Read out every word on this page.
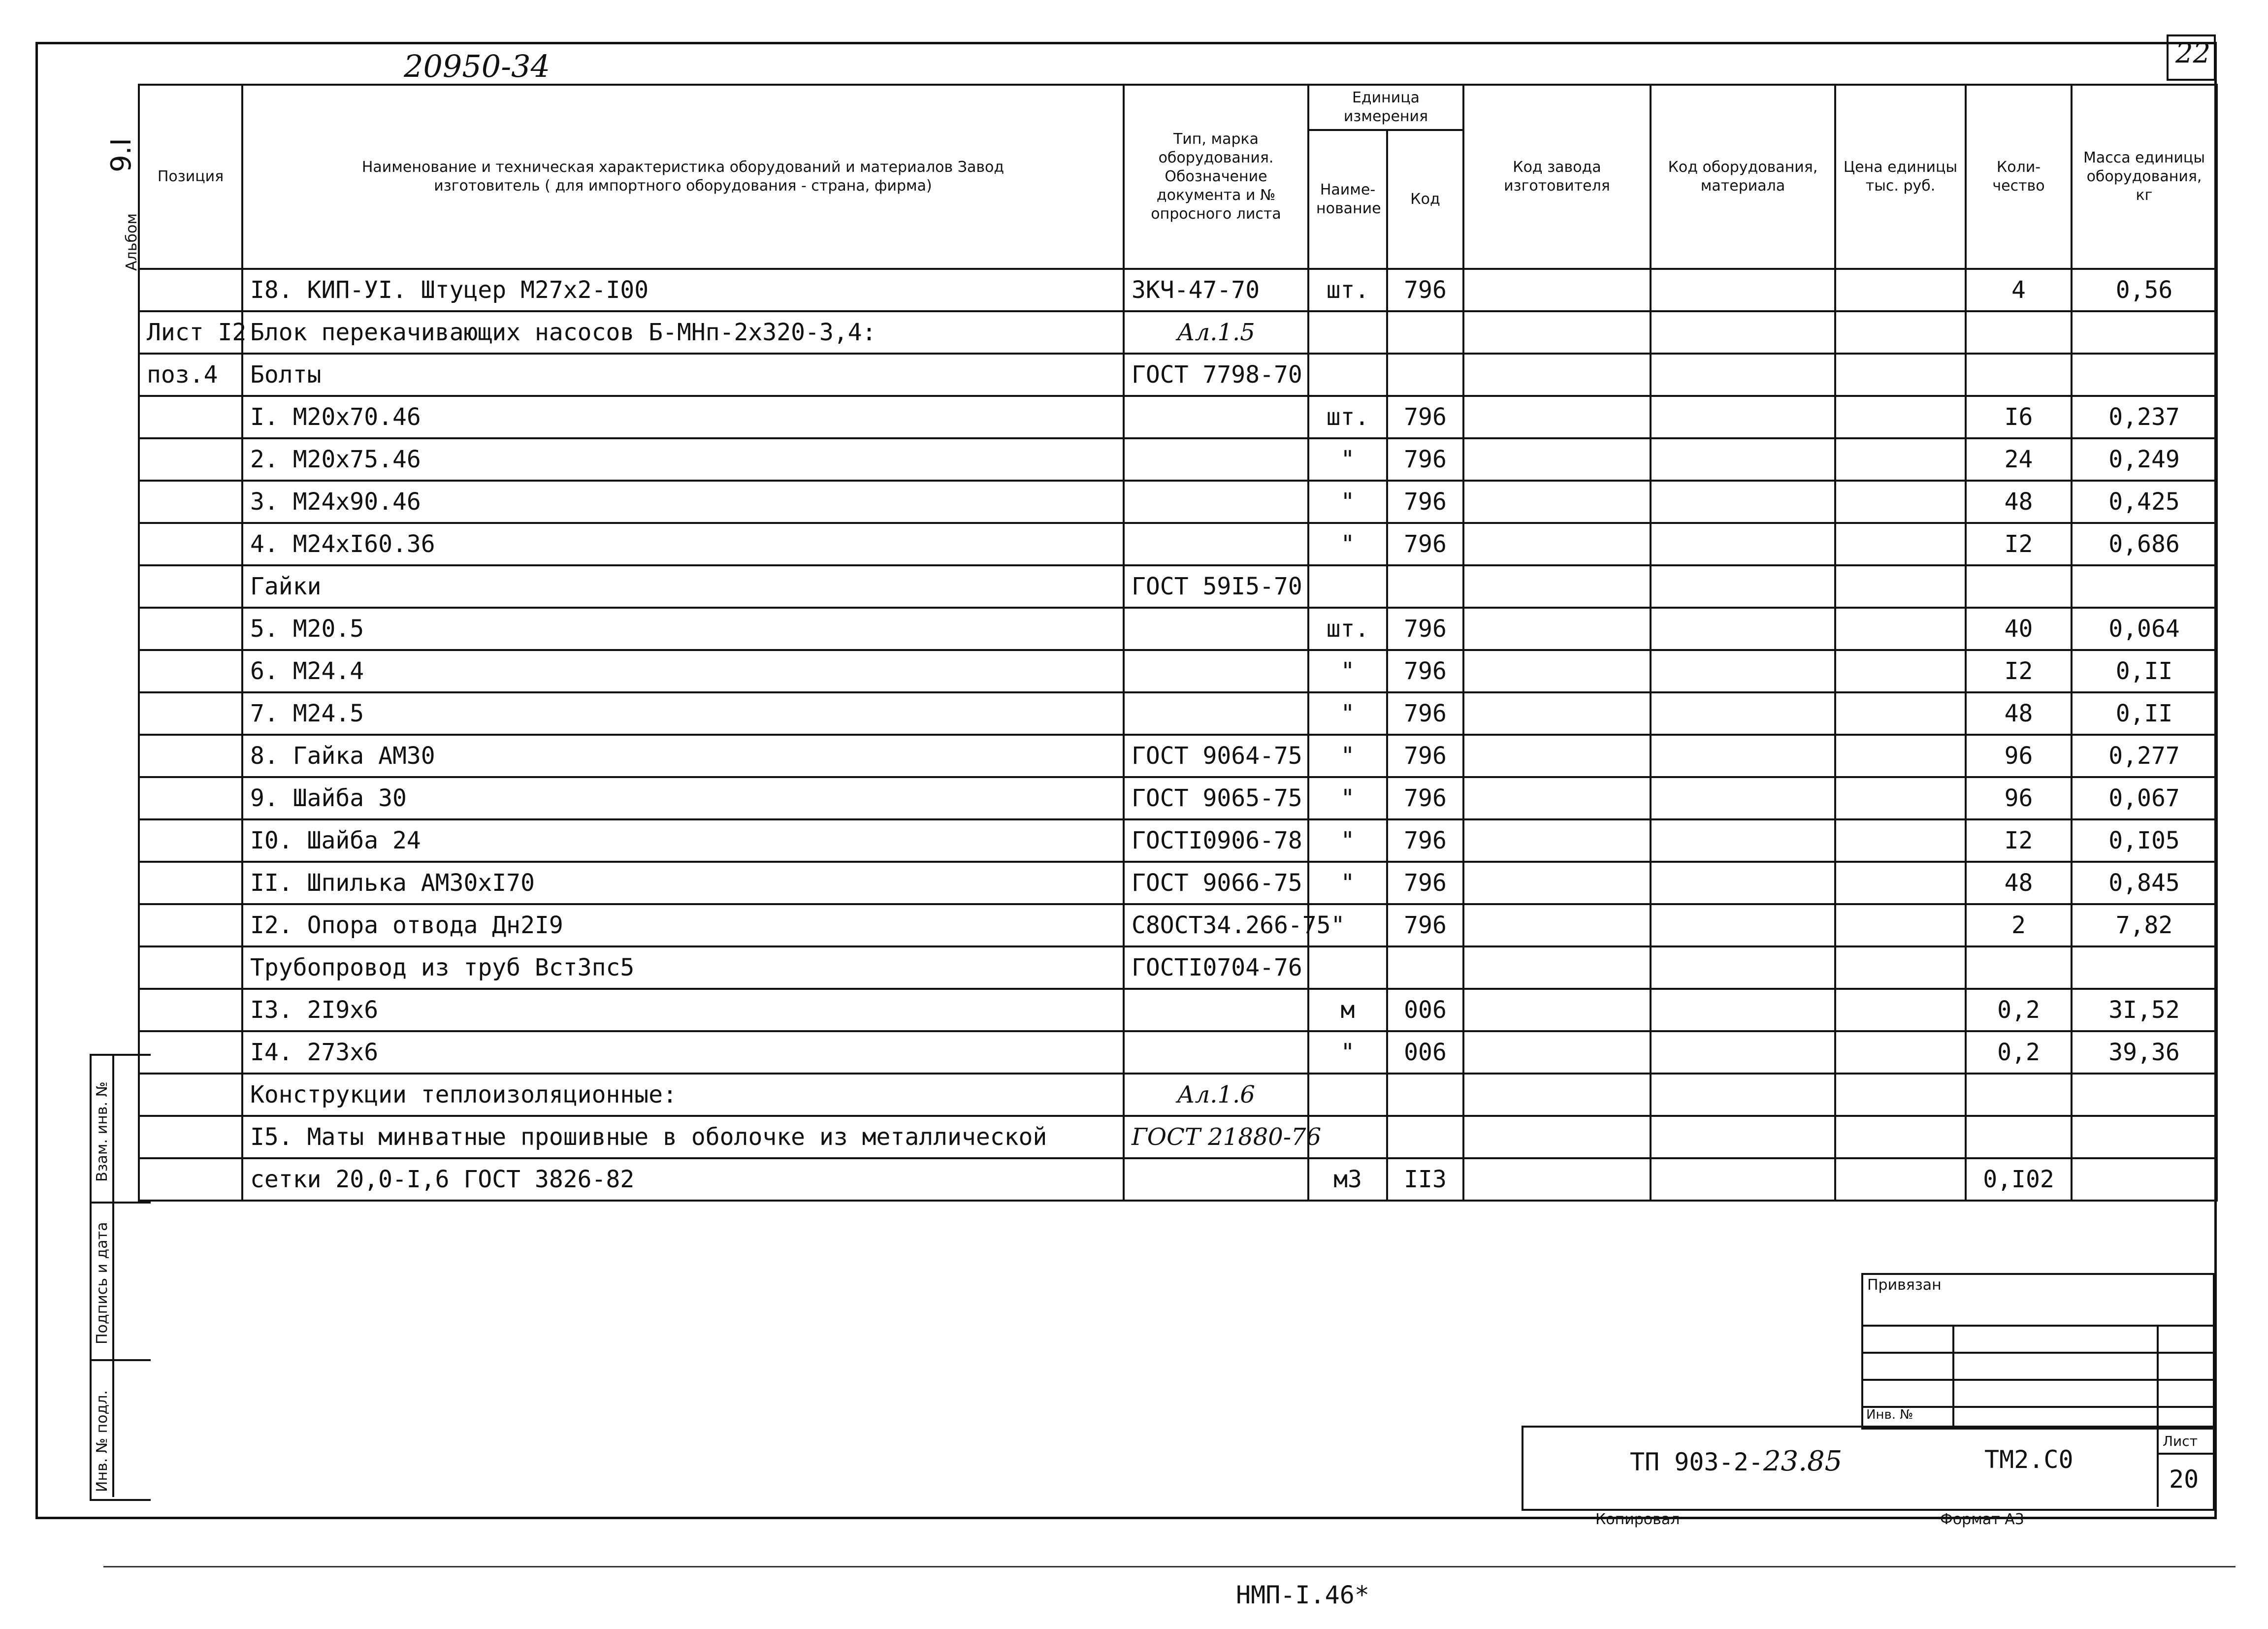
20950-34	22
Альбом
9.I
Позиция	Наименование и техническая характеристика оборудований и материалов Завод изготовитель ( для импортного оборудования - страна, фирма)	Тип, марка оборудования. Обозначение документа и № опросного листа	Единица измерения		Код завода изготовителя	Код оборудования, материала	Цена единицы тыс. руб.	Коли-чество	Масса единицы оборудования, кг
			Наиме-нование	Код					
	I8. КИП-УI. Штуцер М27х2-I00	ЗКЧ-47-70	шт.	796				4	0,56
Лист I2	Блок перекачивающих насосов Б-МНп-2х320-3,4:	Ал.1.5							
поз.4	Болты	ГОСТ 7798-70							
	I. М20х70.46		шт.	796				I6	0,237
	2. М20х75.46		"	796				24	0,249
	3. М24х90.46		"	796				48	0,425
	4. М24хI60.36		"	796				I2	0,686
	Гайки	ГОСТ 59I5-70							
	5. М20.5		шт.	796				40	0,064
	6. М24.4		"	796				I2	0,II
	7. М24.5		"	796				48	0,II
	8. Гайка АМ30	ГОСТ 9064-75	"	796				96	0,277
	9. Шайба 30	ГОСТ 9065-75	"	796				96	0,067
	I0. Шайба 24	ГОСТI0906-78	"	796				I2	0,I05
	II. Шпилька АМ30хI70	ГОСТ 9066-75	"	796				48	0,845
	I2. Опора отвода Дн2I9	С8ОСТ34.266-75"		796				2	7,82
	Трубопровод из труб ВстЗпс5	ГОСТI0704-76							
	I3. 2I9х6		м	006				0,2	3I,52
	I4. 273х6		"	006				0,2	39,36
	Конструкции теплоизоляционные:	Ал.1.6							
	I5. Маты минватные прошивные в оболочке из металлической	ГОСТ 21880-76							
	сетки 20,0-I,6 ГОСТ 3826-82		м3	II3				0,I02	
Взам. инв. №
Подпись и дата
Инв. № подл.
Привязан
Инв. №
ТП 903-2-23.85	ТМ2.С0
Лист
20
Копировал	Формат А3
НМП-I.46*
